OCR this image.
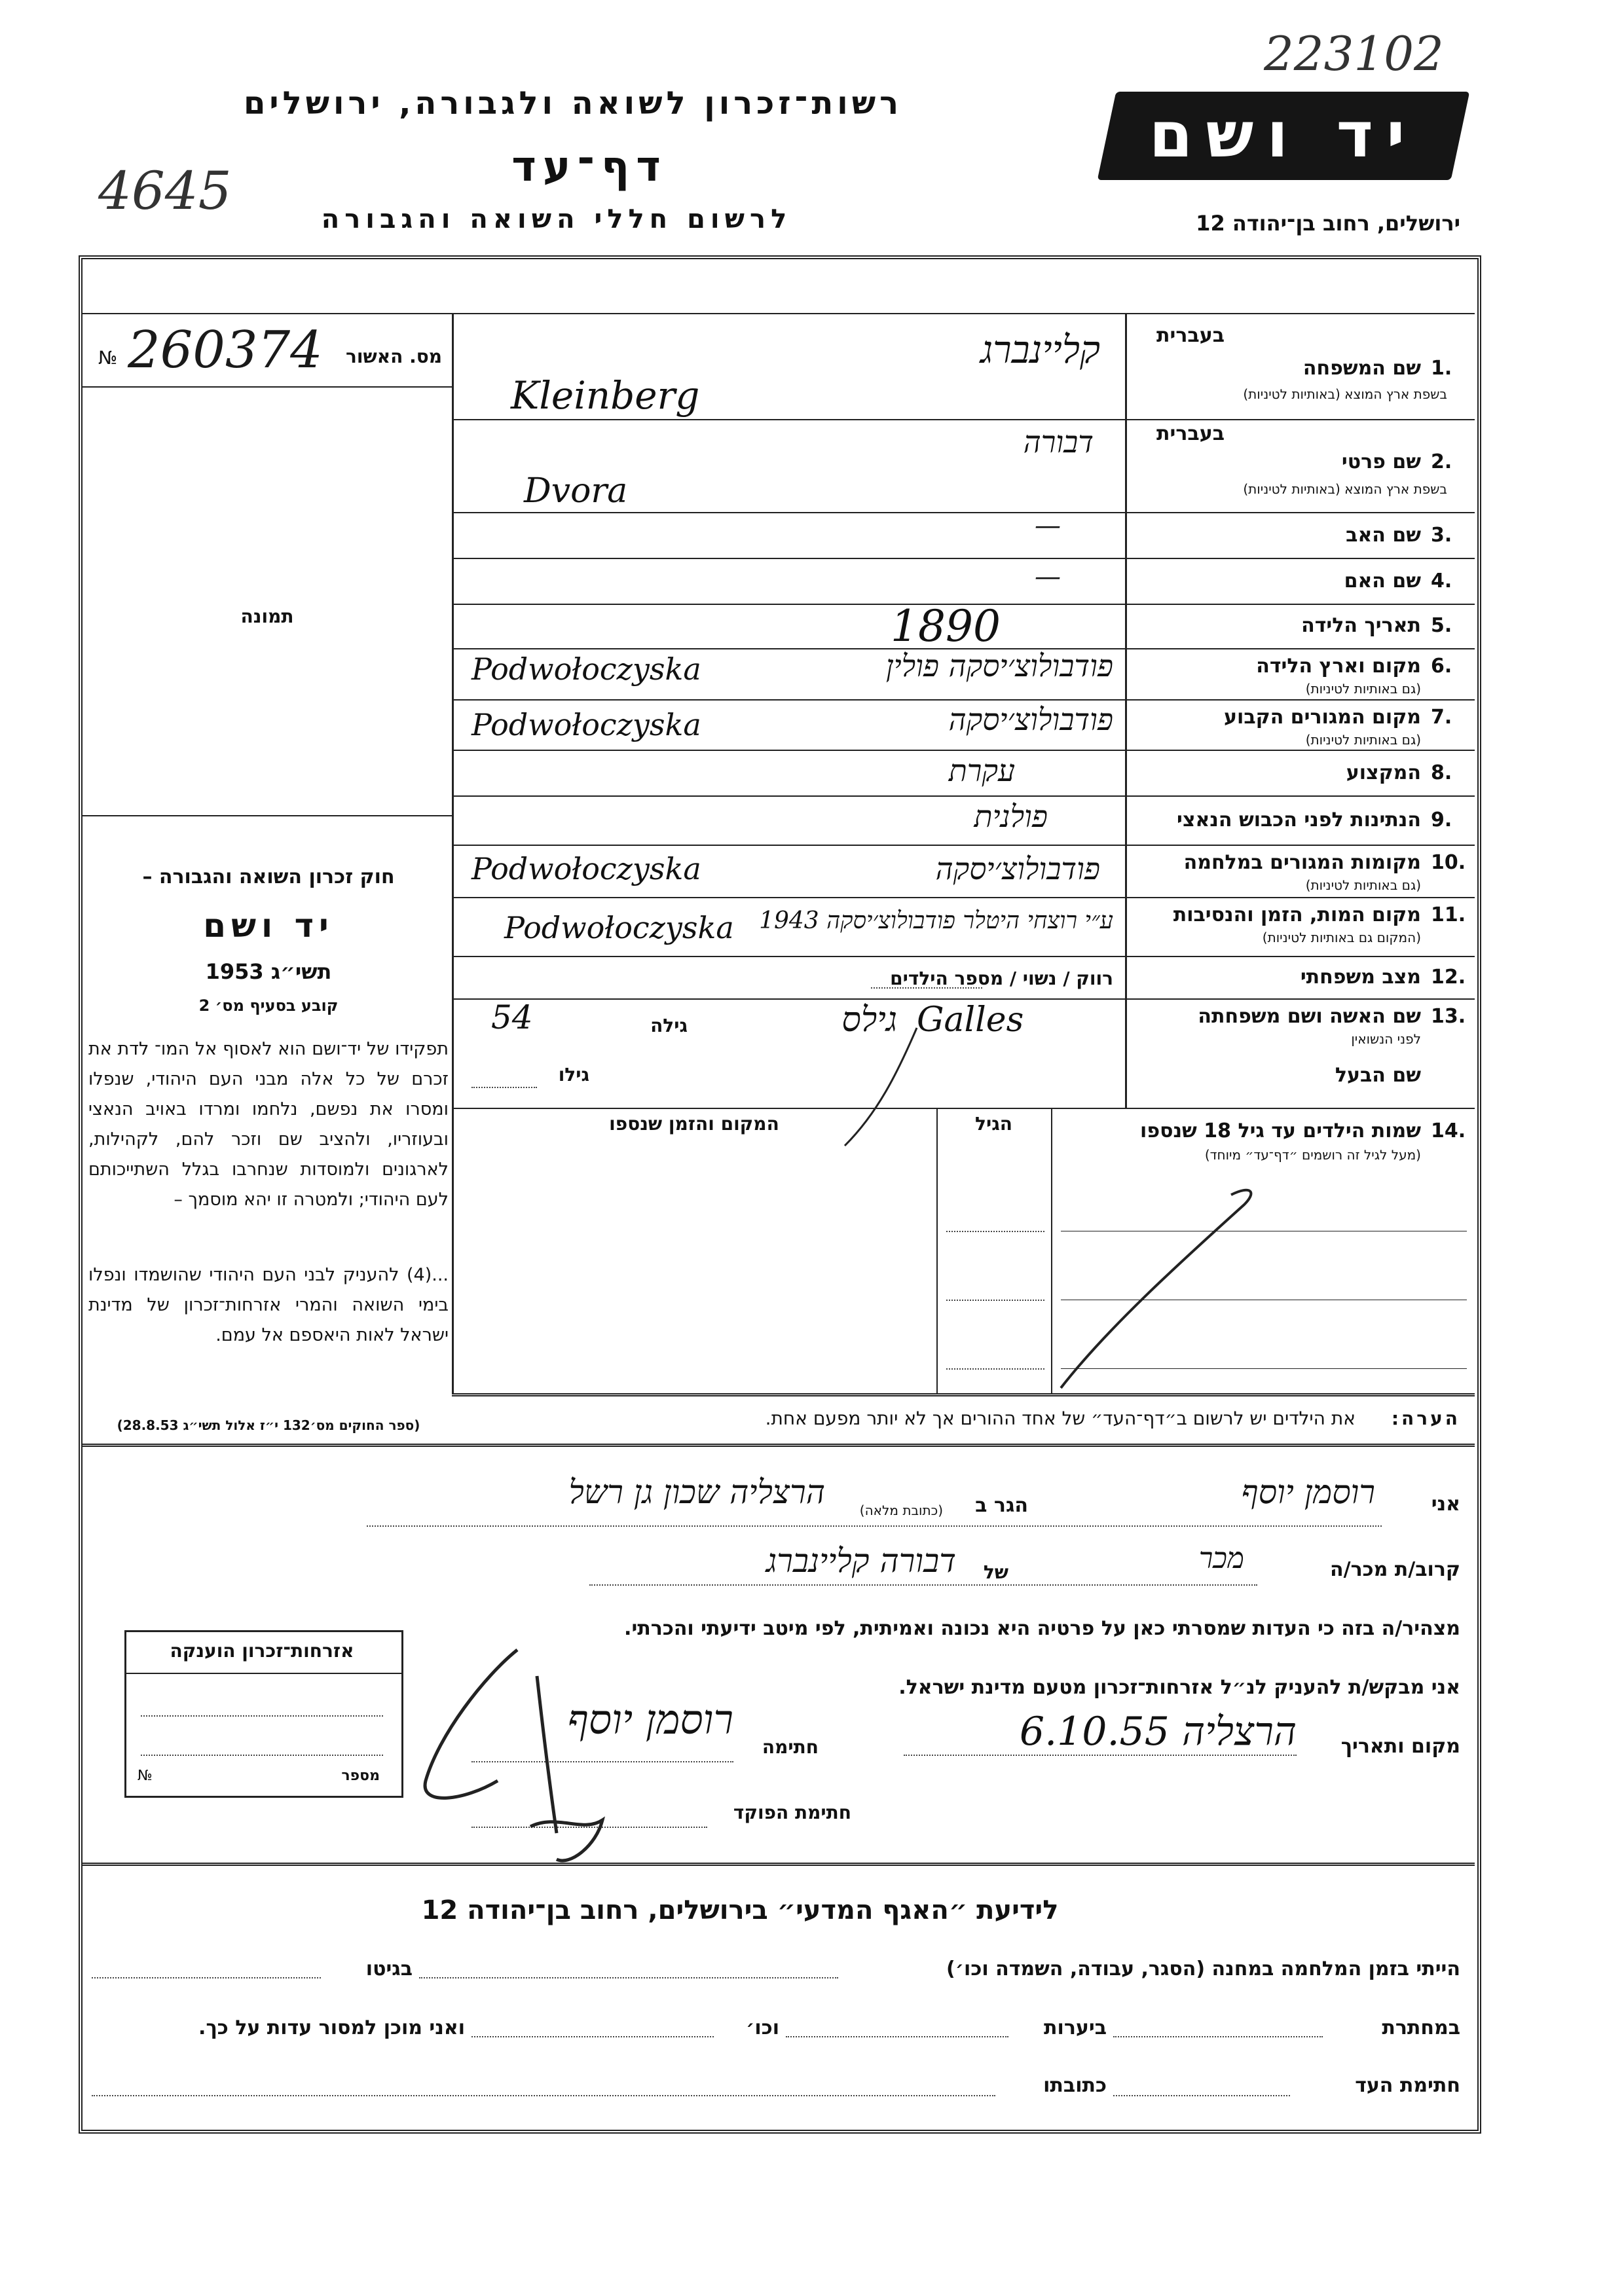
223102
4645
רשות־זכרון לשואה ולגבורה, ירושלים
דף־עד
לרשום חללי השואה והגבורה
יד ושם
ירושלים, רחוב בן־יהודה 12
№ 260374	מס. האשור
תמונה
חוק זכרון השואה והגבורה –
יד ושם
תשי״ג 1953
קובע בסעיף מס׳ 2
תפקידו של יד־ושם הוא לאסוף אל המו־ לדת את זכרם של כל אלה מבני העם היהודי, שנפלו ומסרו את נפשם, נלחמו ומרדו באויב הנאצי ובעוזריו, ולהציב שם וזכר להם, לקהילות, לארגונים ולמוסדות שנחרבו בגלל השתייכותם לעם היהודי; ולמטרה זו יהא מוסמך –
...(4) להעניק לבני העם היהודי שהושמדו ונפלו בימי השואה והמרי אזרחות־זכרון של מדינת ישראל לאות היאספם אל עמם.
(ספר החוקים מס׳132 י״ז אלול תשי״ג 28.8.53)
בעברית
שם המשפחה 1.
בשפת ארץ המוצא (באותיות לטיניות)
קליינברג
Kleinberg
בעברית
שם פרטי 2.
בשפת ארץ המוצא (באותיות לטיניות)
דבורה
Dvora
שם האב 3.
—
שם האם 4.
—
תאריך הלידה 5.
1890
מקום וארץ הלידה 6.
(גם באותיות לטיניות)
פודבולוצ׳יסקה פולין
Podwołoczyska
מקום המגורים הקבוע 7.
(גם באותיות לטיניות)
פודבולוצ׳יסקה
Podwołoczyska
המקצוע 8.
עקרת
הנתינות לפני הכבוש הנאצי 9.
פולנית
מקומות המגורים במלחמה 10.
(גם באותיות לטיניות)
פודבולוצ׳יסקה
Podwołoczyska
מקום המות, הזמן והנסיבות 11.
(המקום גם באותיות לטיניות)
ע״י רוצחי היטלר פודבולוצ׳יסקה 1943
Podwołoczyska
מצב משפחתי 12.
רווק / נשוי / מספר הילדים
שם האשה ושם משפחתה 13.
לפני הנשואין
גילס Galles
גילה
54
שם הבעל
גילו
שמות הילדים עד גיל 18 שנספו 14.
(מעל לגיל זה רושמים ״דף־עד״ מיוחד)
הגיל
המקום והזמן שנספו
הערה:
את הילדים יש לרשום ב״דף־העד״ של אחד ההורים אך לא יותר מפעם אחת.
אני
רוסמן יוסף
הגר ב
(כתובת מלאה)
הרצליה שכון גן רשל
קרוב/ת מכר/ה
מכר
של
דבורה קליינברג
מצהיר/ה בזה כי העדות שמסרתי כאן על פרטיה היא נכונה ואמיתית, לפי מיטב ידיעתי והכרתי.
אני מבקש/ת להעניק לנ״ל אזרחות־זכרון מטעם מדינת ישראל.
מקום ותאריך
הרצליה 6.10.55
חתימה
רוסמן יוסף
חתימת הפוקד
אזרחות־זכרון הוענקה
מספר
№
לידיעת ״האגף המדעי״ בירושלים, רחוב בן־יהודה 12
הייתי בזמן המלחמה במחנה (הסגר, עבודה, השמדה וכו׳)
בגיטו
במחתרת
ביערות
וכו׳
ואני מוכן למסור עדות על כך.
חתימת העד
כתובתו
